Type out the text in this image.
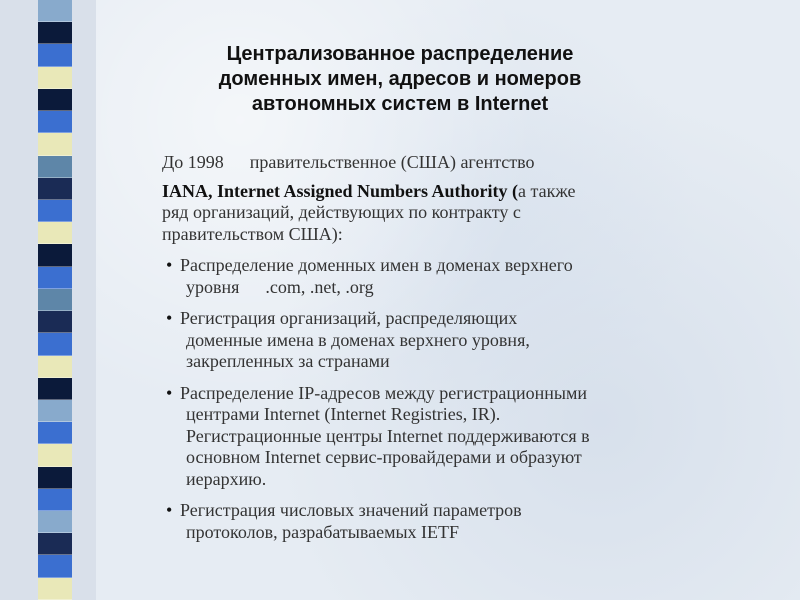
Централизованное распределение
доменных имен, адресов и номеров
автономных систем в Internet
До 1998 правительственное (США) агентство
IANA, Internet Assigned Numbers Authority (а также
ряд организаций, действующих по контракту с
правительством США):
• Распределение доменных имен в доменах верхнего
уровня .com, .net, .org
• Регистрация организаций, распределяющих
доменные имена в доменах верхнего уровня,
закрепленных за странами
• Распределение IP-адресов между регистрационными
центрами Internet (Internet Registries, IR).
Регистрационные центры Internet поддерживаются в
основном Internet сервис-провайдерами и образуют
иерархию.
• Регистрация числовых значений параметров
протоколов, разрабатываемых IETF
